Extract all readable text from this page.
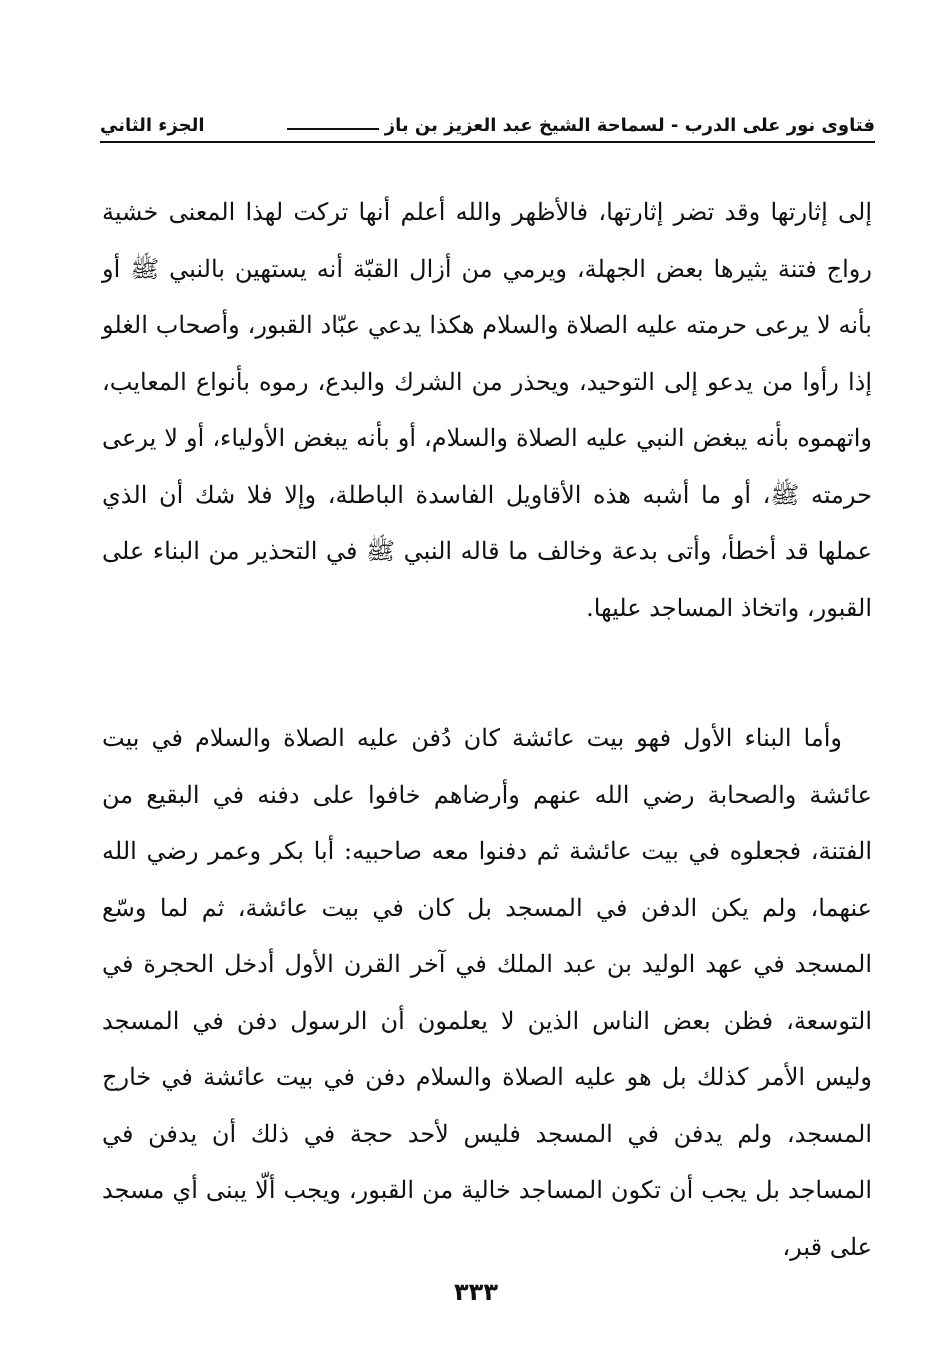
فتاوى نور على الدرب - لسماحة الشيخ عبد العزيز بن باز
الجزء الثاني

إلى إثارتها وقد تضر إثارتها، فالأظهر والله أعلم أنها تركت لهذا المعنى خشية رواج فتنة يثيرها بعض الجهلة، ويرمي من أزال القبّة أنه يستهين بالنبي ﷺ أو بأنه لا يرعى حرمته عليه الصلاة والسلام هكذا يدعي عبّاد القبور، وأصحاب الغلو إذا رأوا من يدعو إلى التوحيد، ويحذر من الشرك والبدع، رموه بأنواع المعايب، واتهموه بأنه يبغض النبي عليه الصلاة والسلام، أو بأنه يبغض الأولياء، أو لا يرعى حرمته ﷺ، أو ما أشبه هذه الأقاويل الفاسدة الباطلة، وإلا فلا شك أن الذي عملها قد أخطأ، وأتى بدعة وخالف ما قاله النبي ﷺ في التحذير من البناء على القبور، واتخاذ المساجد عليها.

وأما البناء الأول فهو بيت عائشة كان دُفن عليه الصلاة والسلام في بيت عائشة والصحابة رضي الله عنهم وأرضاهم خافوا على دفنه في البقيع من الفتنة، فجعلوه في بيت عائشة ثم دفنوا معه صاحبيه: أبا بكر وعمر رضي الله عنهما، ولم يكن الدفن في المسجد بل كان في بيت عائشة، ثم لما وسّع المسجد في عهد الوليد بن عبد الملك في آخر القرن الأول أدخل الحجرة في التوسعة، فظن بعض الناس الذين لا يعلمون أن الرسول دفن في المسجد وليس الأمر كذلك بل هو عليه الصلاة والسلام دفن في بيت عائشة في خارج المسجد، ولم يدفن في المسجد فليس لأحد حجة في ذلك أن يدفن في المساجد بل يجب أن تكون المساجد خالية من القبور، ويجب ألّا يبنى أي مسجد على قبر،

٣٣٣
